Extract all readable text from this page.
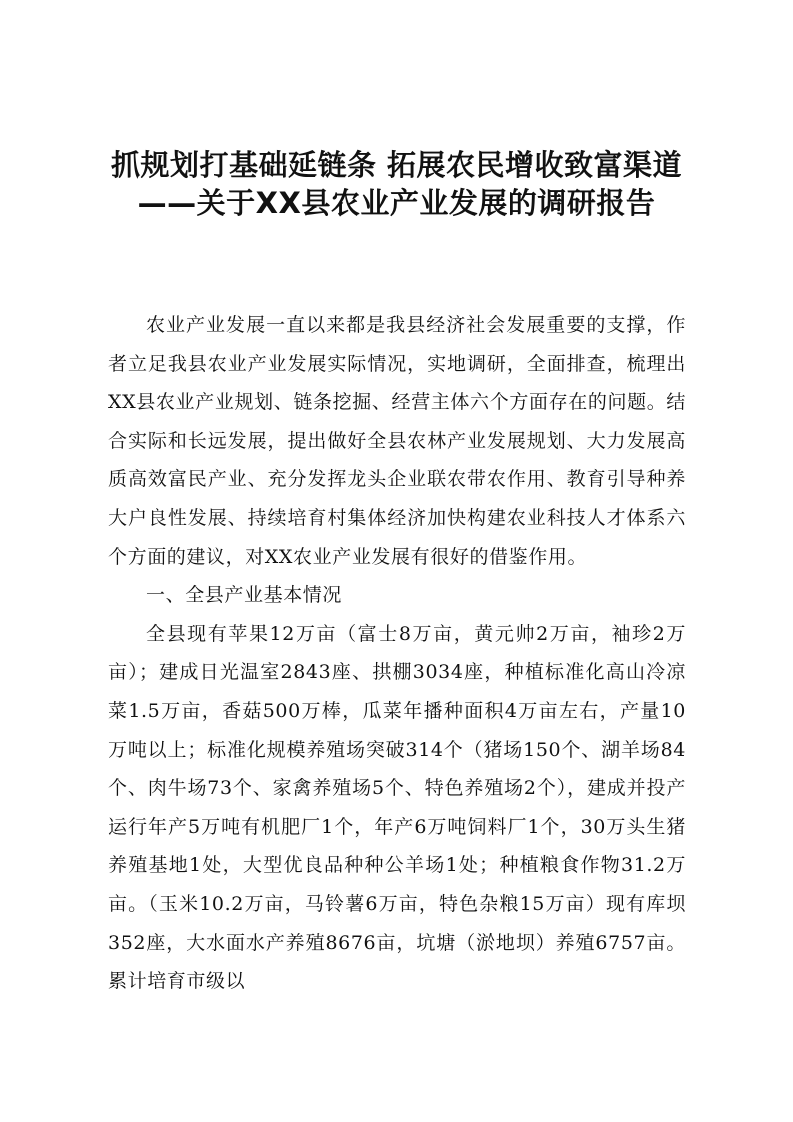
抓规划打基础延链条 拓展农民增收致富渠道——关于XX县农业产业发展的调研报告

农业产业发展一直以来都是我县经济社会发展重要的支撑，作者立足我县农业产业发展实际情况，实地调研，全面排查，梳理出XX县农业产业规划、链条挖掘、经营主体六个方面存在的问题。结合实际和长远发展，提出做好全县农林产业发展规划、大力发展高质高效富民产业、充分发挥龙头企业联农带农作用、教育引导种养大户良性发展、持续培育村集体经济加快构建农业科技人才体系六个方面的建议，对XX农业产业发展有很好的借鉴作用。

一、全县产业基本情况

全县现有苹果12万亩（富士8万亩，黄元帅2万亩，袖珍2万亩）；建成日光温室2843座、拱棚3034座，种植标准化高山冷凉菜1.5万亩，香菇500万棒，瓜菜年播种面积4万亩左右，产量10万吨以上；标准化规模养殖场突破314个（猪场150个、湖羊场84个、肉牛场73个、家禽养殖场5个、特色养殖场2个），建成并投产运行年产5万吨有机肥厂1个，年产6万吨饲料厂1个，30万头生猪养殖基地1处，大型优良品种种公羊场1处；种植粮食作物31.2万亩。（玉米10.2万亩，马铃薯6万亩，特色杂粮15万亩）现有库坝352座，大水面水产养殖8676亩，坑塘（淤地坝）养殖6757亩。累计培育市级以
